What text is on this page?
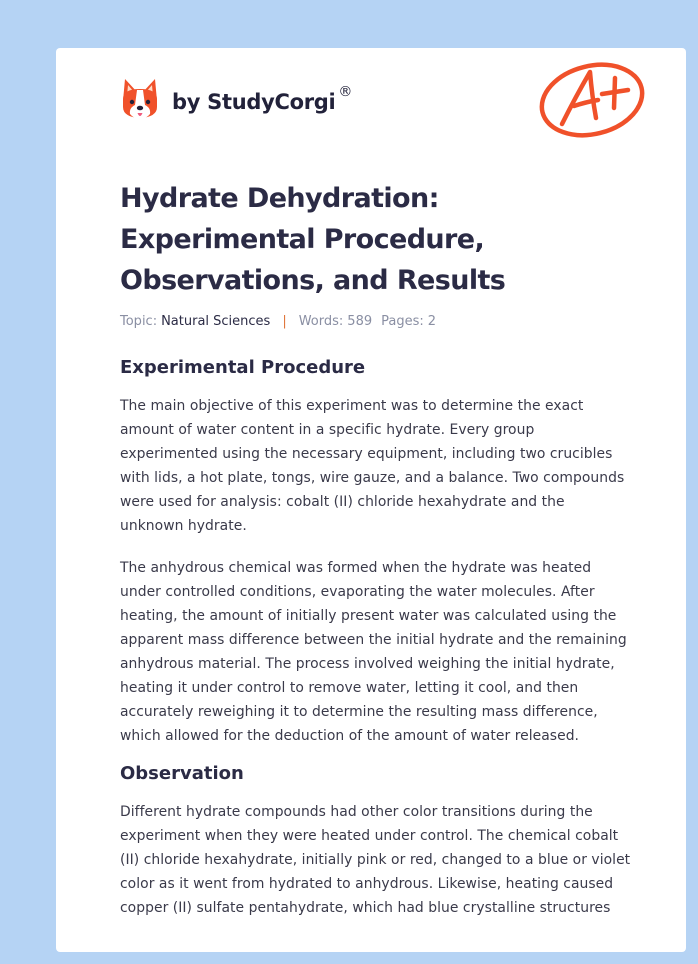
by StudyCorgi ®
Hydrate Dehydration: Experimental Procedure, Observations, and Results
Topic: Natural Sciences | Words: 589 Pages: 2
Experimental Procedure

The main objective of this experiment was to determine the exact amount of water content in a specific hydrate. Every group experimented using the necessary equipment, including two crucibles with lids, a hot plate, tongs, wire gauze, and a balance. Two compounds were used for analysis: cobalt (II) chloride hexahydrate and the unknown hydrate.

The anhydrous chemical was formed when the hydrate was heated under controlled conditions, evaporating the water molecules. After heating, the amount of initially present water was calculated using the apparent mass difference between the initial hydrate and the remaining anhydrous material. The process involved weighing the initial hydrate, heating it under control to remove water, letting it cool, and then accurately reweighing it to determine the resulting mass difference, which allowed for the deduction of the amount of water released.

Observation

Different hydrate compounds had other color transitions during the experiment when they were heated under control. The chemical cobalt (II) chloride hexahydrate, initially pink or red, changed to a blue or violet color as it went from hydrated to anhydrous. Likewise, heating caused copper (II) sulfate pentahydrate, which had blue crystalline structures
